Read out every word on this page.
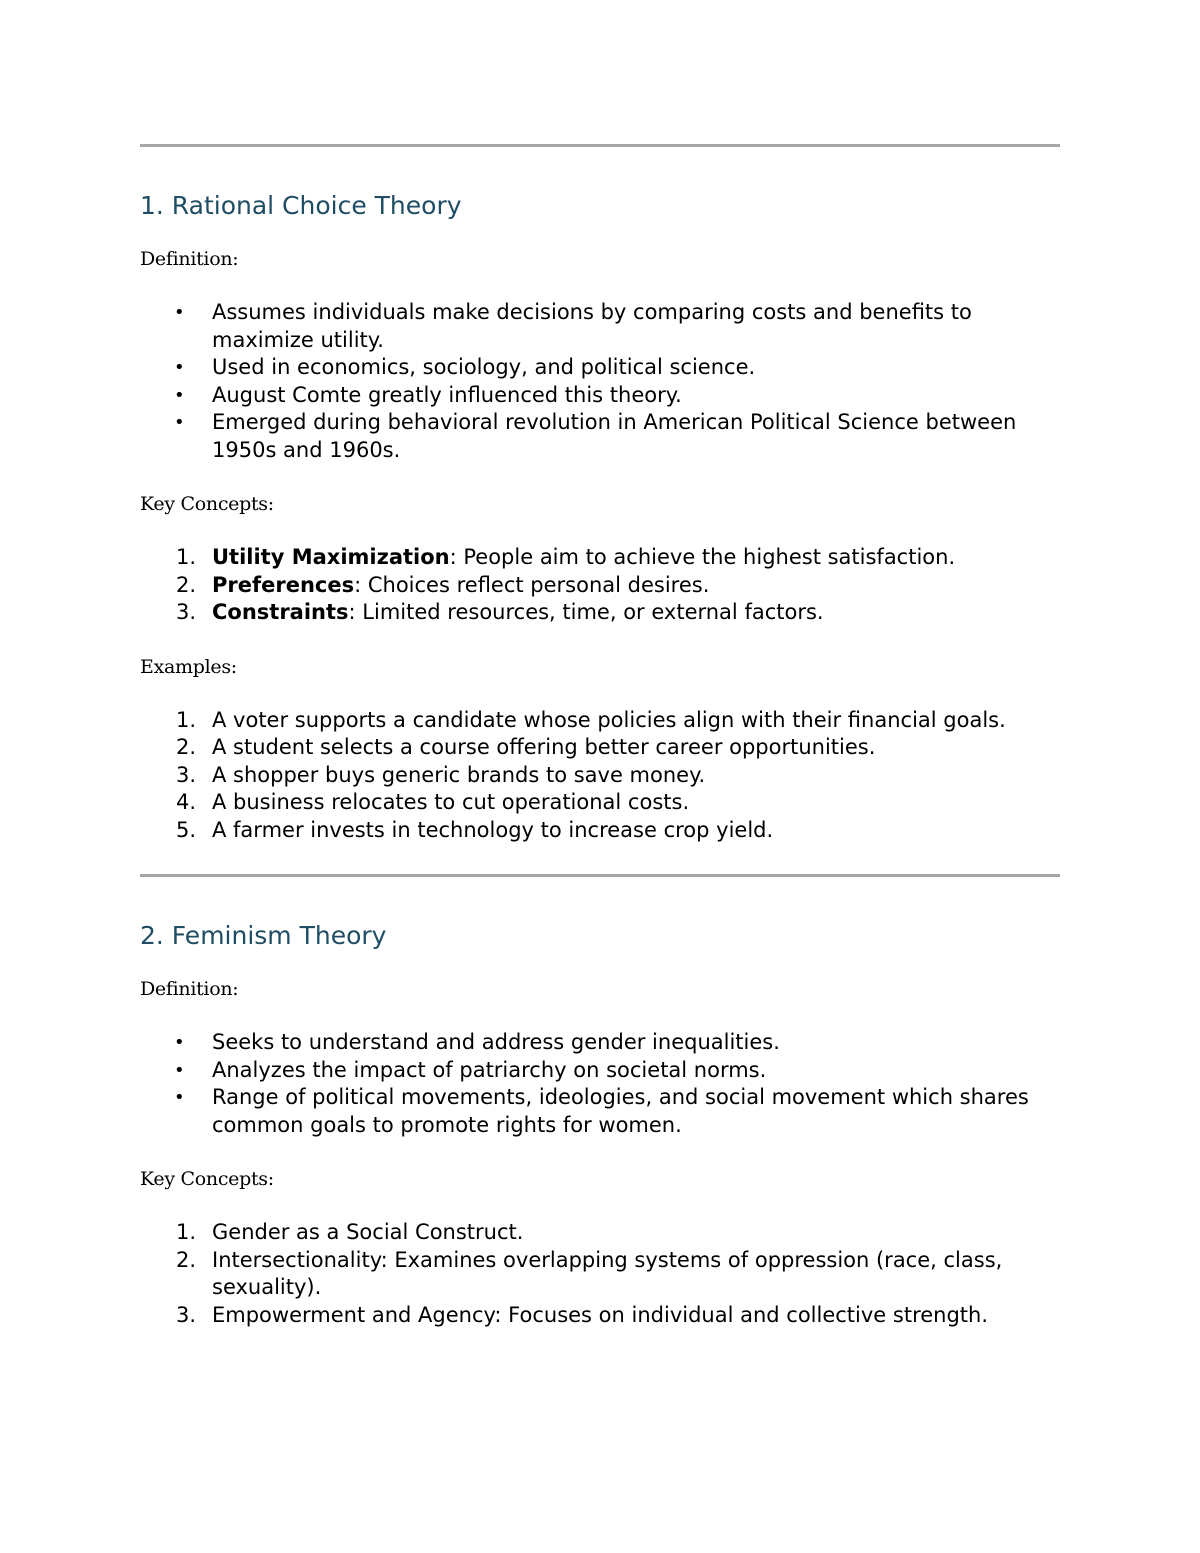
1. Rational Choice Theory

Definition:

• Assumes individuals make decisions by comparing costs and benefits to maximize utility.
• Used in economics, sociology, and political science.
• August Comte greatly influenced this theory.
• Emerged during behavioral revolution in American Political Science between 1950s and 1960s.

Key Concepts:

1. Utility Maximization: People aim to achieve the highest satisfaction.
2. Preferences: Choices reflect personal desires.
3. Constraints: Limited resources, time, or external factors.

Examples:

1. A voter supports a candidate whose policies align with their financial goals.
2. A student selects a course offering better career opportunities.
3. A shopper buys generic brands to save money.
4. A business relocates to cut operational costs.
5. A farmer invests in technology to increase crop yield.
2. Feminism Theory

Definition:

• Seeks to understand and address gender inequalities.
• Analyzes the impact of patriarchy on societal norms.
• Range of political movements, ideologies, and social movement which shares common goals to promote rights for women.

Key Concepts:

1. Gender as a Social Construct.
2. Intersectionality: Examines overlapping systems of oppression (race, class, sexuality).
3. Empowerment and Agency: Focuses on individual and collective strength.
